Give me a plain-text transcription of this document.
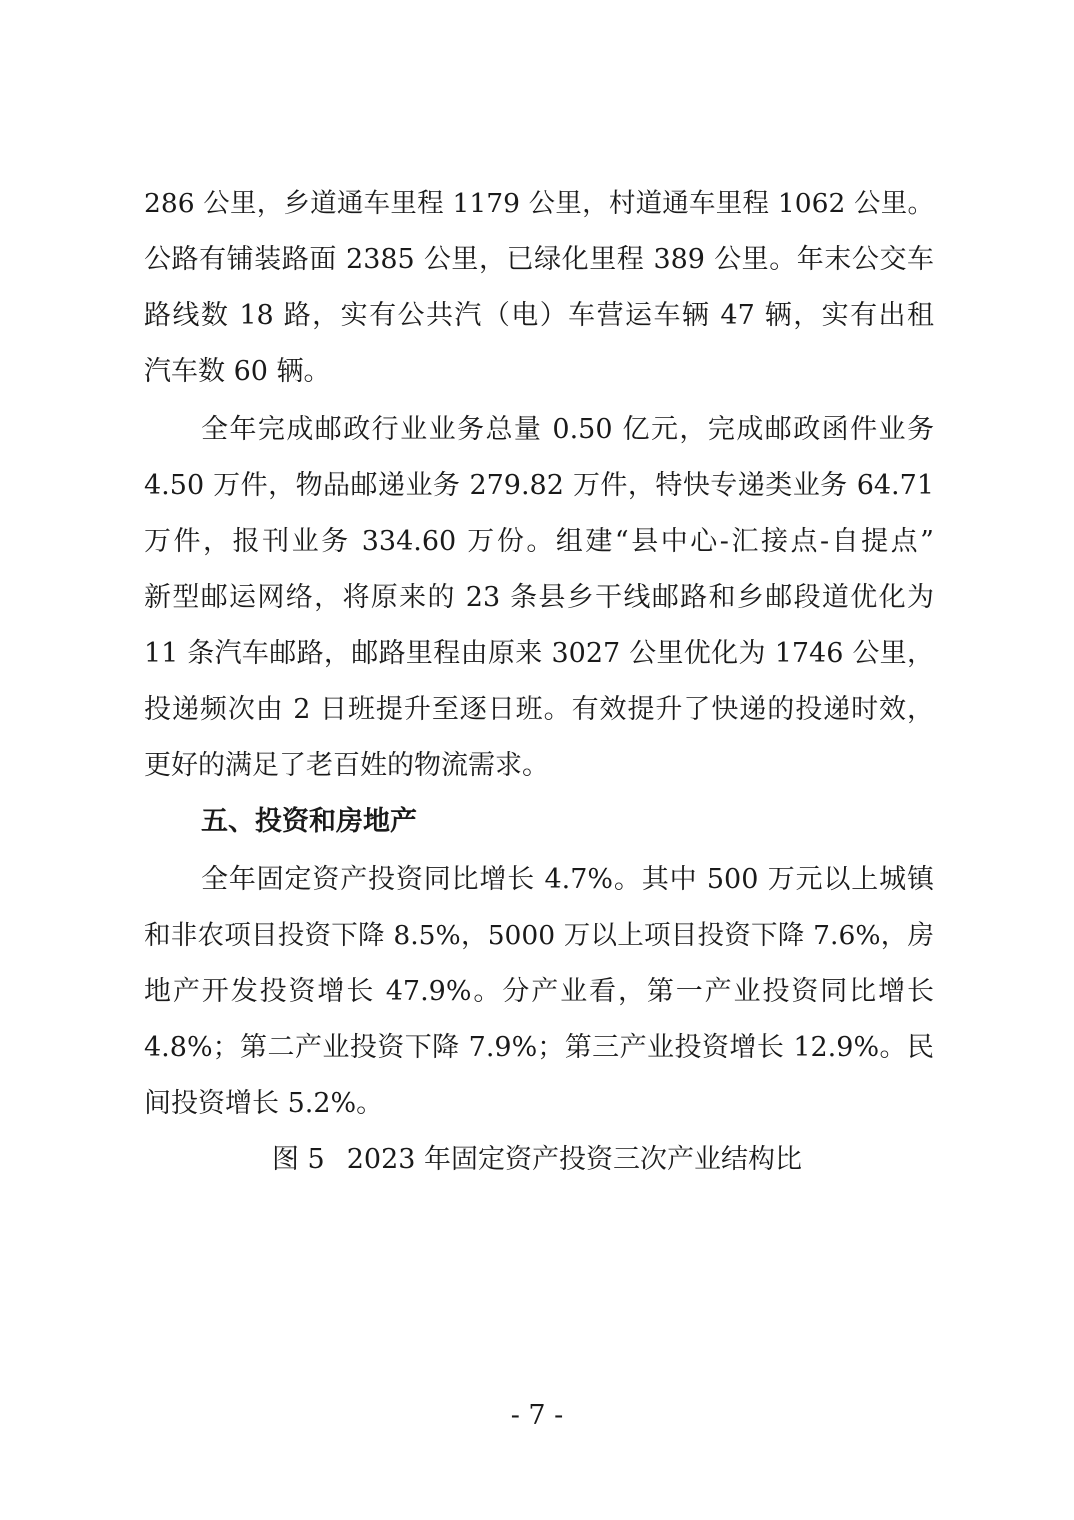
286 公里，乡道通车里程 1179 公里，村道通车里程 1062 公里。
公路有铺装路面 2385 公里，已绿化里程 389 公里。年末公交车
路线数 18 路，实有公共汽（电）车营运车辆 47 辆，实有出租
汽车数 60 辆。
全年完成邮政行业业务总量 0.50 亿元，完成邮政函件业务
4.50 万件，物品邮递业务 279.82 万件，特快专递类业务 64.71
万件，报刊业务 334.60 万份。组建“县中心-汇接点-自提点”
新型邮运网络，将原来的 23 条县乡干线邮路和乡邮段道优化为
11 条汽车邮路，邮路里程由原来 3027 公里优化为 1746 公里，
投递频次由 2 日班提升至逐日班。有效提升了快递的投递时效，
更好的满足了老百姓的物流需求。
五、投资和房地产
全年固定资产投资同比增长 4.7%。其中 500 万元以上城镇
和非农项目投资下降 8.5%，5000 万以上项目投资下降 7.6%，房
地产开发投资增长 47.9%。分产业看，第一产业投资同比增长
4.8%；第二产业投资下降 7.9%；第三产业投资增长 12.9%。民
间投资增长 5.2%。
图 5 2023 年固定资产投资三次产业结构比
- 7 -
